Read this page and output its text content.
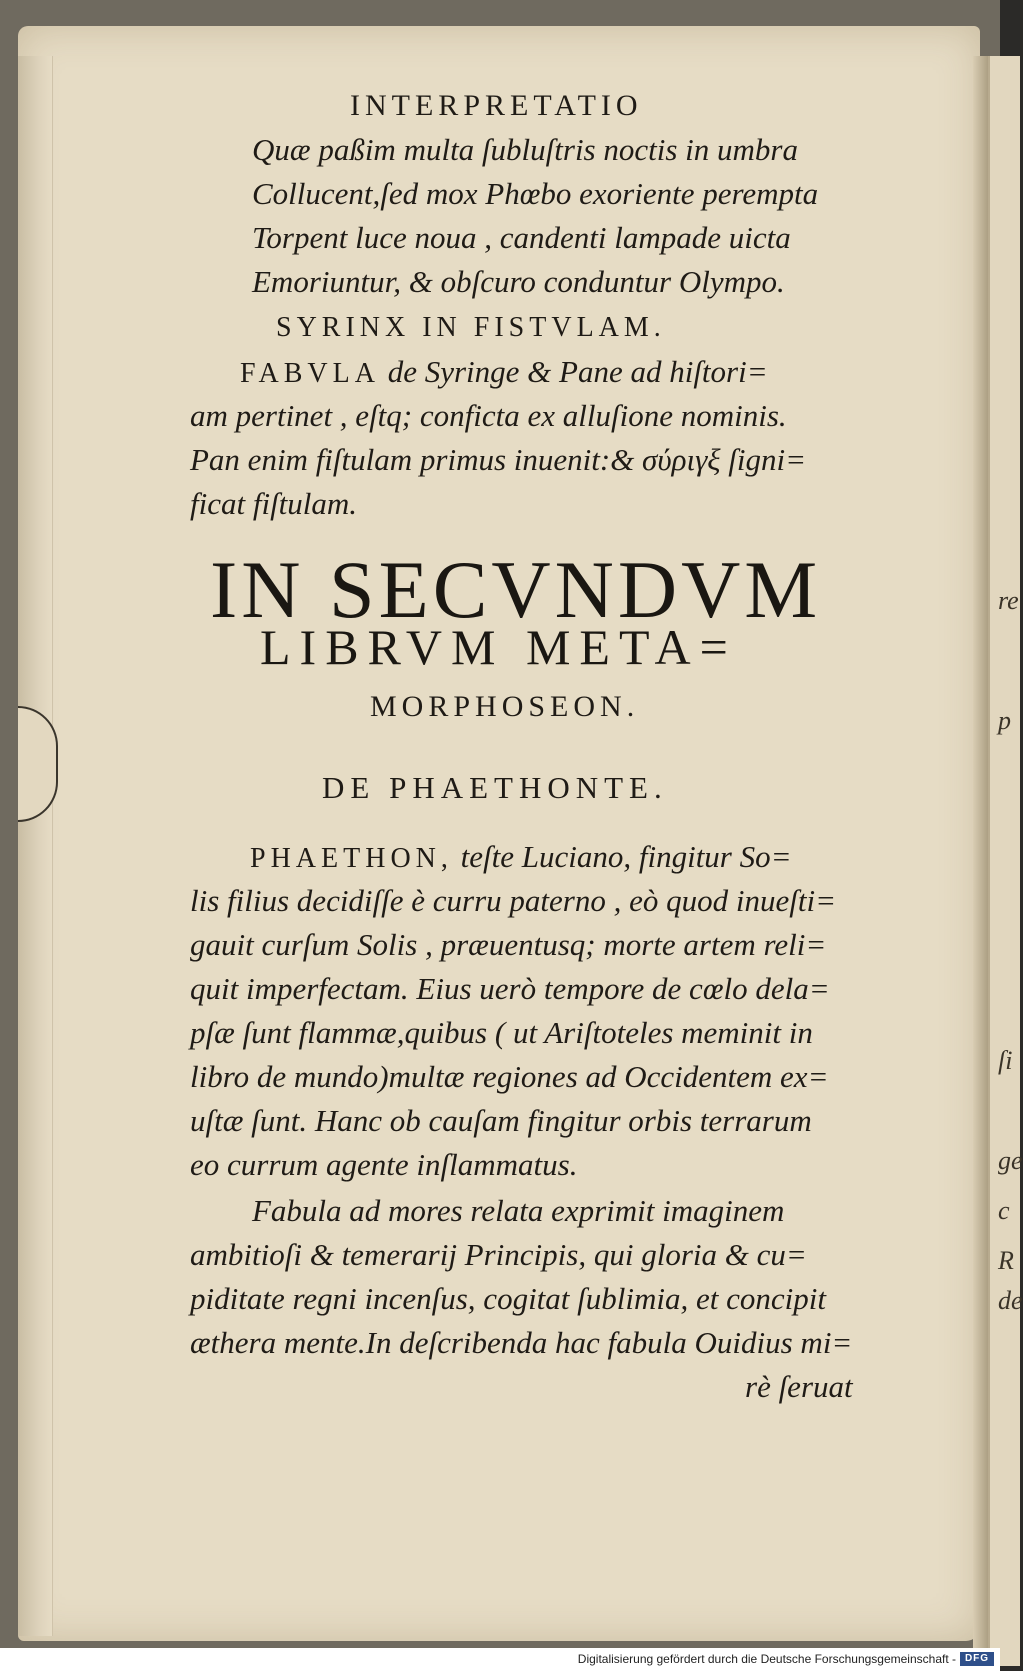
re
p
ſi
ge
c
R
de
INTERPRETATIO
Quæ paßim multa ſubluſtris noctis in umbra
Collucent,ſed mox Phœbo exoriente perempta
Torpent luce noua , candenti lampade uicta
Emoriuntur, & obſcuro conduntur Olympo.
SYRINX IN FISTVLAM.
FABVLA de Syringe & Pane ad hiſtori=
am pertinet , eſtq; conficta ex alluſione nominis.
Pan enim fiſtulam primus inuenit:& σύριγξ ſigni=
ficat fiſtulam.
IN SECVNDVM
LIBRVM META=
MORPHOSEON.
DE PHAETHONTE.
PHAETHON, teſte Luciano, fingitur So=
lis filius decidiſſe è curru paterno , eò quod inueſti=
gauit curſum Solis , præuentusq; morte artem reli=
quit imperfectam. Eius uerò tempore de cœlo dela=
pſæ ſunt flammæ,quibus ( ut Ariſtoteles meminit in
libro de mundo)multæ regiones ad Occidentem ex=
uſtæ ſunt. Hanc ob cauſam fingitur orbis terrarum
eo currum agente inſlammatus.
Fabula ad mores relata exprimit imaginem
ambitioſi & temerarij Principis, qui gloria & cu=
piditate regni incenſus, cogitat ſublimia, et concipit
æthera mente.In deſcribenda hac fabula Ouidius mi=
rè ſeruat
Digitalisierung gefördert durch die Deutsche Forschungsgemeinschaft - DFG
